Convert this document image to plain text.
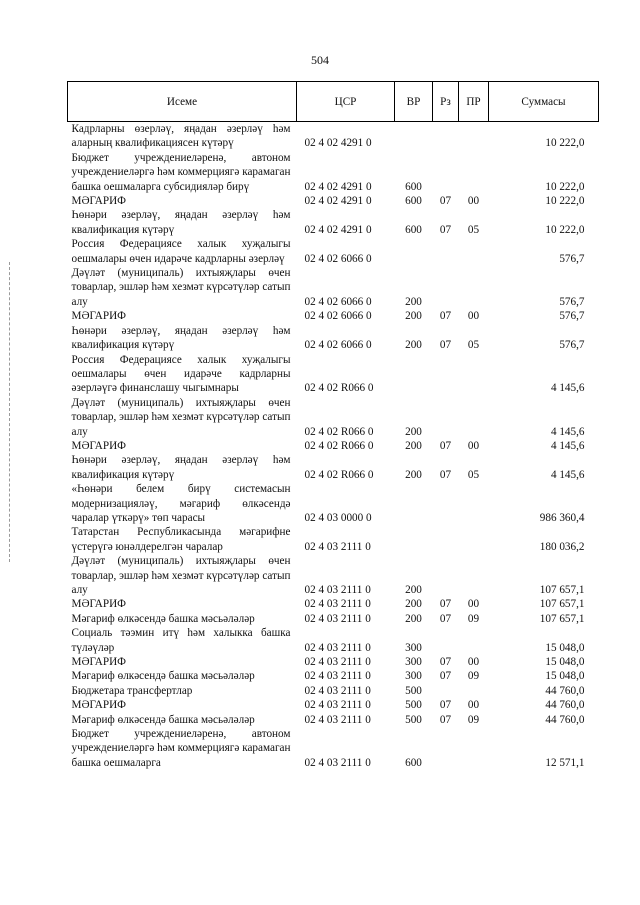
504
Исеме	ЦСР	ВР	Рз	ПР	Суммасы
Кадрларны өзерләү, яңадан әзерләү һәм аларның квалификациясен күтәрү	02 4 02 4291 0				10 222,0
Бюджет учреждениеләренә, автоном учреждениеләргә һәм коммерциягә карамаган башка оешмаларга субсидияләр бирү	02 4 02 4291 0	600			10 222,0
МӘГАРИФ	02 4 02 4291 0	600	07	00	10 222,0
Һөнәри әзерләү, яңадан әзерләү һәм квалификация күтәрү	02 4 02 4291 0	600	07	05	10 222,0
Россия Федерациясе халык хуҗалыгы оешмалары өчен идарәче кадрларны әзерләү	02 4 02 6066 0				576,7
Дәүләт (муниципаль) ихтыяҗлары өчен товарлар, эшләр һәм хезмәт күрсәтүләр сатып алу	02 4 02 6066 0	200			576,7
МӘГАРИФ	02 4 02 6066 0	200	07	00	576,7
Һөнәри әзерләү, яңадан әзерләү һәм квалификация күтәрү	02 4 02 6066 0	200	07	05	576,7
Россия Федерациясе халык хуҗалыгы оешмалары өчен идарәче кадрларны әзерләүгә финанслашу чыгымнары	02 4 02 R066 0				4 145,6
Дәүләт (муниципаль) ихтыяҗлары өчен товарлар, эшләр һәм хезмәт күрсәтүләр сатып алу	02 4 02 R066 0	200			4 145,6
МӘГАРИФ	02 4 02 R066 0	200	07	00	4 145,6
Һөнәри әзерләү, яңадан әзерләү һәм квалификация күтәрү	02 4 02 R066 0	200	07	05	4 145,6
«Һөнәри белем бирү системасын модернизацияләү, мәгариф өлкәсендә чаралар үткәрү» төп чарасы	02 4 03 0000 0				986 360,4
Татарстан Республикасында мәгарифне үстерүгә юнәлдерелгән чаралар	02 4 03 2111 0				180 036,2
Дәүләт (муниципаль) ихтыяҗлары өчен товарлар, эшләр һәм хезмәт күрсәтүләр сатып алу	02 4 03 2111 0	200			107 657,1
МӘГАРИФ	02 4 03 2111 0	200	07	00	107 657,1
Мәгариф өлкәсендә башка мәсьәләләр	02 4 03 2111 0	200	07	09	107 657,1
Социаль тәэмин итү һәм халыкка башка түләүләр	02 4 03 2111 0	300			15 048,0
МӘГАРИФ	02 4 03 2111 0	300	07	00	15 048,0
Мәгариф өлкәсендә башка мәсьәләләр	02 4 03 2111 0	300	07	09	15 048,0
Бюджетара трансфертлар	02 4 03 2111 0	500			44 760,0
МӘГАРИФ	02 4 03 2111 0	500	07	00	44 760,0
Мәгариф өлкәсендә башка мәсьәләләр	02 4 03 2111 0	500	07	09	44 760,0
Бюджет учреждениеләренә, автоном учреждениеләргә һәм коммерциягә карамаган башка оешмаларга	02 4 03 2111 0	600			12 571,1
